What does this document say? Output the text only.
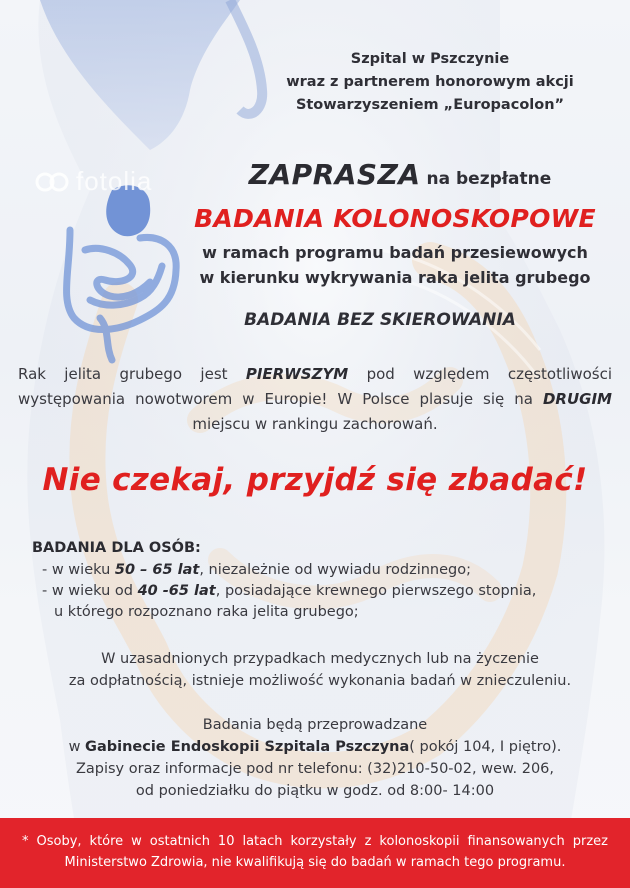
fotolia
Szpital w Pszczynie
wraz z partnerem honorowym akcji
Stowarzyszeniem „Europacolon”
ZAPRASZA na bezpłatne
BADANIA KOLONOSKOPOWE
w ramach programu badań przesiewowych
w kierunku wykrywania raka jelita grubego
BADANIA BEZ SKIEROWANIA
Rak jelita grubego jest PIERWSZYM pod względem częstotliwości występowania nowotworem w Europie! W Polsce plasuje się na DRUGIM miejscu w rankingu zachorowań.
Nie czekaj, przyjdź się zbadać!
BADANIA DLA OSÓB:
- w wieku 50 – 65 lat, niezależnie od wywiadu rodzinnego;
- w wieku od 40 -65 lat, posiadające krewnego pierwszego stopnia,
u którego rozpoznano raka jelita grubego;
W uzasadnionych przypadkach medycznych lub na życzenie
za odpłatnością, istnieje możliwość wykonania badań w znieczuleniu.
Badania będą przeprowadzane
w Gabinecie Endoskopii Szpitala Pszczyna( pokój 104, I piętro).
Zapisy oraz informacje pod nr telefonu: (32)210-50-02, wew. 206,
od poniedziałku do piątku w godz. od 8:00- 14:00
* Osoby, które w ostatnich 10 latach korzystały z kolonoskopii finansowanych przez Ministerstwo Zdrowia, nie kwalifikują się do badań w ramach tego programu.
